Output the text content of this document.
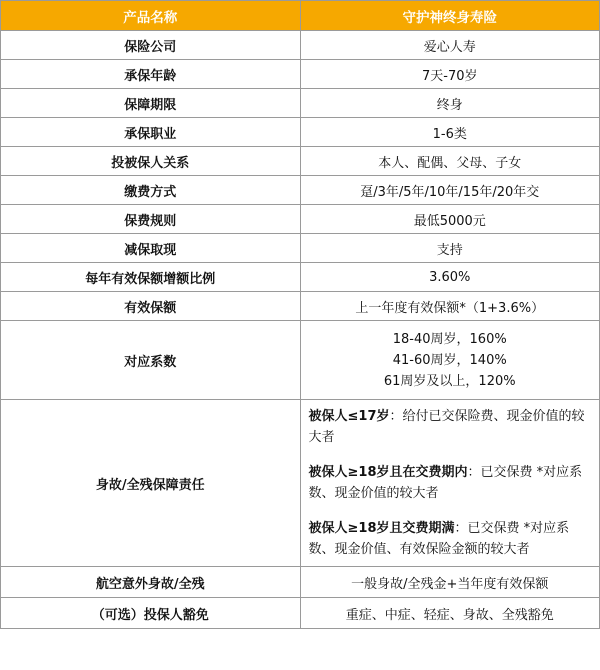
产品名称	守护神终身寿险
保险公司	爱心人寿
承保年龄	7天-70岁
保障期限	终身
承保职业	1-6类
投被保人关系	本人、配偶、父母、子女
缴费方式	趸/3年/5年/10年/15年/20年交
保费规则	最低5000元
减保取现	支持
每年有效保额增额比例	3.60%
有效保额	上一年度有效保额*（1+3.6%）
对应系数	18-40周岁，160%
41-60周岁，140%
61周岁及以上，120%

身故/全残保障责任	被保人≤17岁：给付已交保险费、现金价值的较大者
被保人≥18岁且在交费期内：已交保费 *对应系数、现金价值的较大者
被保人≥18岁且交费期满：已交保费 *对应系数、现金价值、有效保险金额的较大者

航空意外身故/全残	一般身故/全残金+当年度有效保额
（可选）投保人豁免	重症、中症、轻症、身故、全残豁免
